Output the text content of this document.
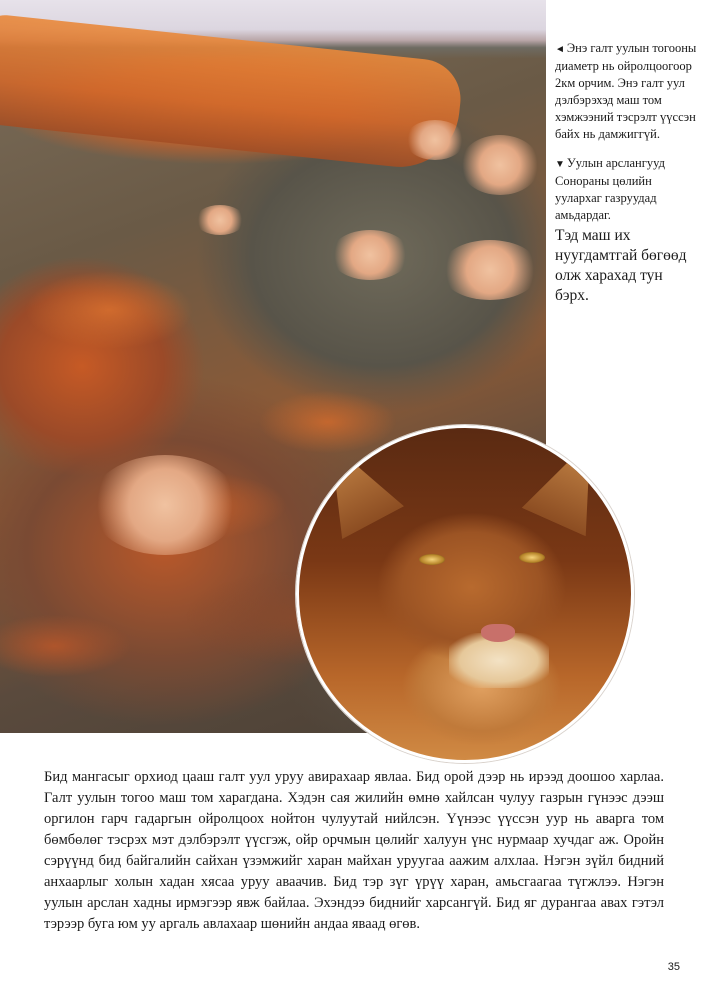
◄ Энэ галт уулын тогооны диаметр нь ойролцоогоор 2км орчим. Энэ галт уул дэлбэрэхэд маш том хэмжээний тэсрэлт үүссэн байх нь дамжиггүй.

▼ Уулын арслангууд Сонораны цөлийн уулархаг газруудад амьдардаг.

Тэд маш их нуугдамтгай бөгөөд олж харахад тун бэрх.

Бид мангасыг орхиод цааш галт уул уруу авирахаар явлаа. Бид орой дээр нь ирээд доошоо харлаа. Галт уулын тогоо маш том харагдана. Хэдэн сая жилийн өмнө хайлсан чулуу газрын гүнээс дээш оргилон гарч гадаргын ойролцоох нойтон чулуутай нийлсэн. Үүнээс үүссэн уур нь аварга том бөмбөлөг тэсрэх мэт дэлбэрэлт үүсгэж, ойр орчмын цөлийг халуун үнс нурмаар хучдаг аж. Оройн сэрүүнд бид байгалийн сайхан үзэмжийг харан майхан уруугаа аажим алхлаа. Нэгэн зүйл бидний анхаарлыг холын хадан хясаа уруу аваачив. Бид тэр зүг үрүү харан, амьсгаагаа түгжлээ. Нэгэн уулын арслан хадны ирмэгээр явж байлаа. Эхэндээ биднийг харсангүй. Бид яг дурангаа авах гэтэл тэрээр буга юм уу аргаль авлахаар шөнийн андаа яваад өгөв.

35
